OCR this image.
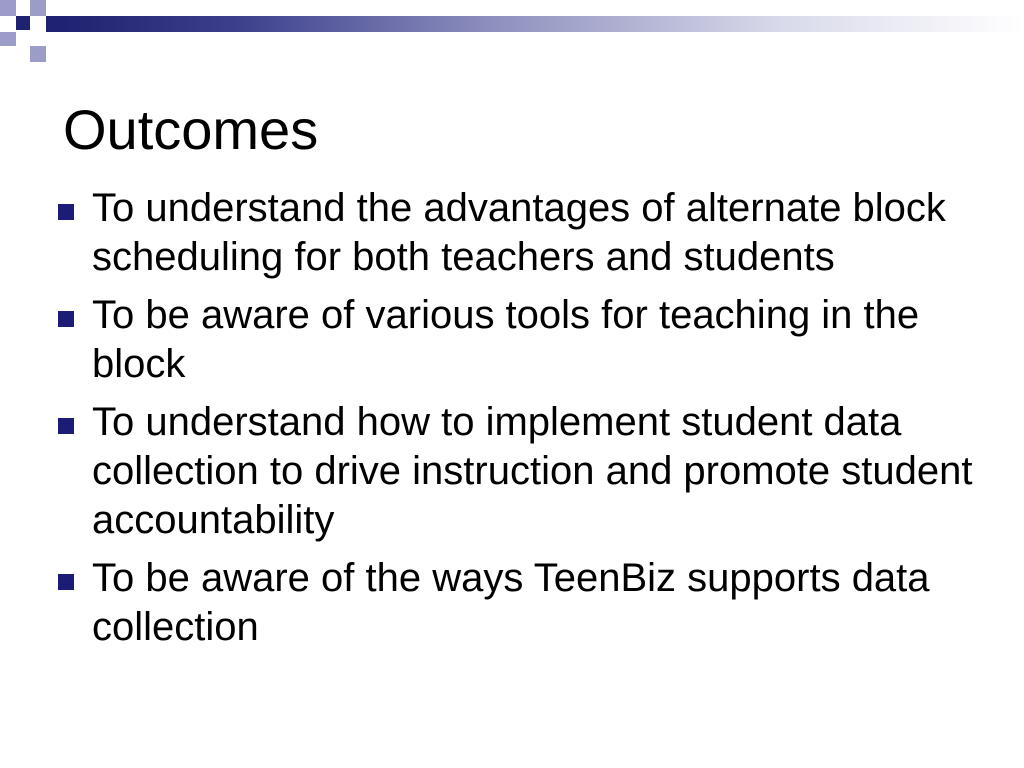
Outcomes
To understand the advantages of alternate block scheduling for both teachers and students
To be aware of various tools for teaching in the block
To understand how to implement student data collection to drive instruction and promote student accountability
To be aware of the ways TeenBiz supports data collection
